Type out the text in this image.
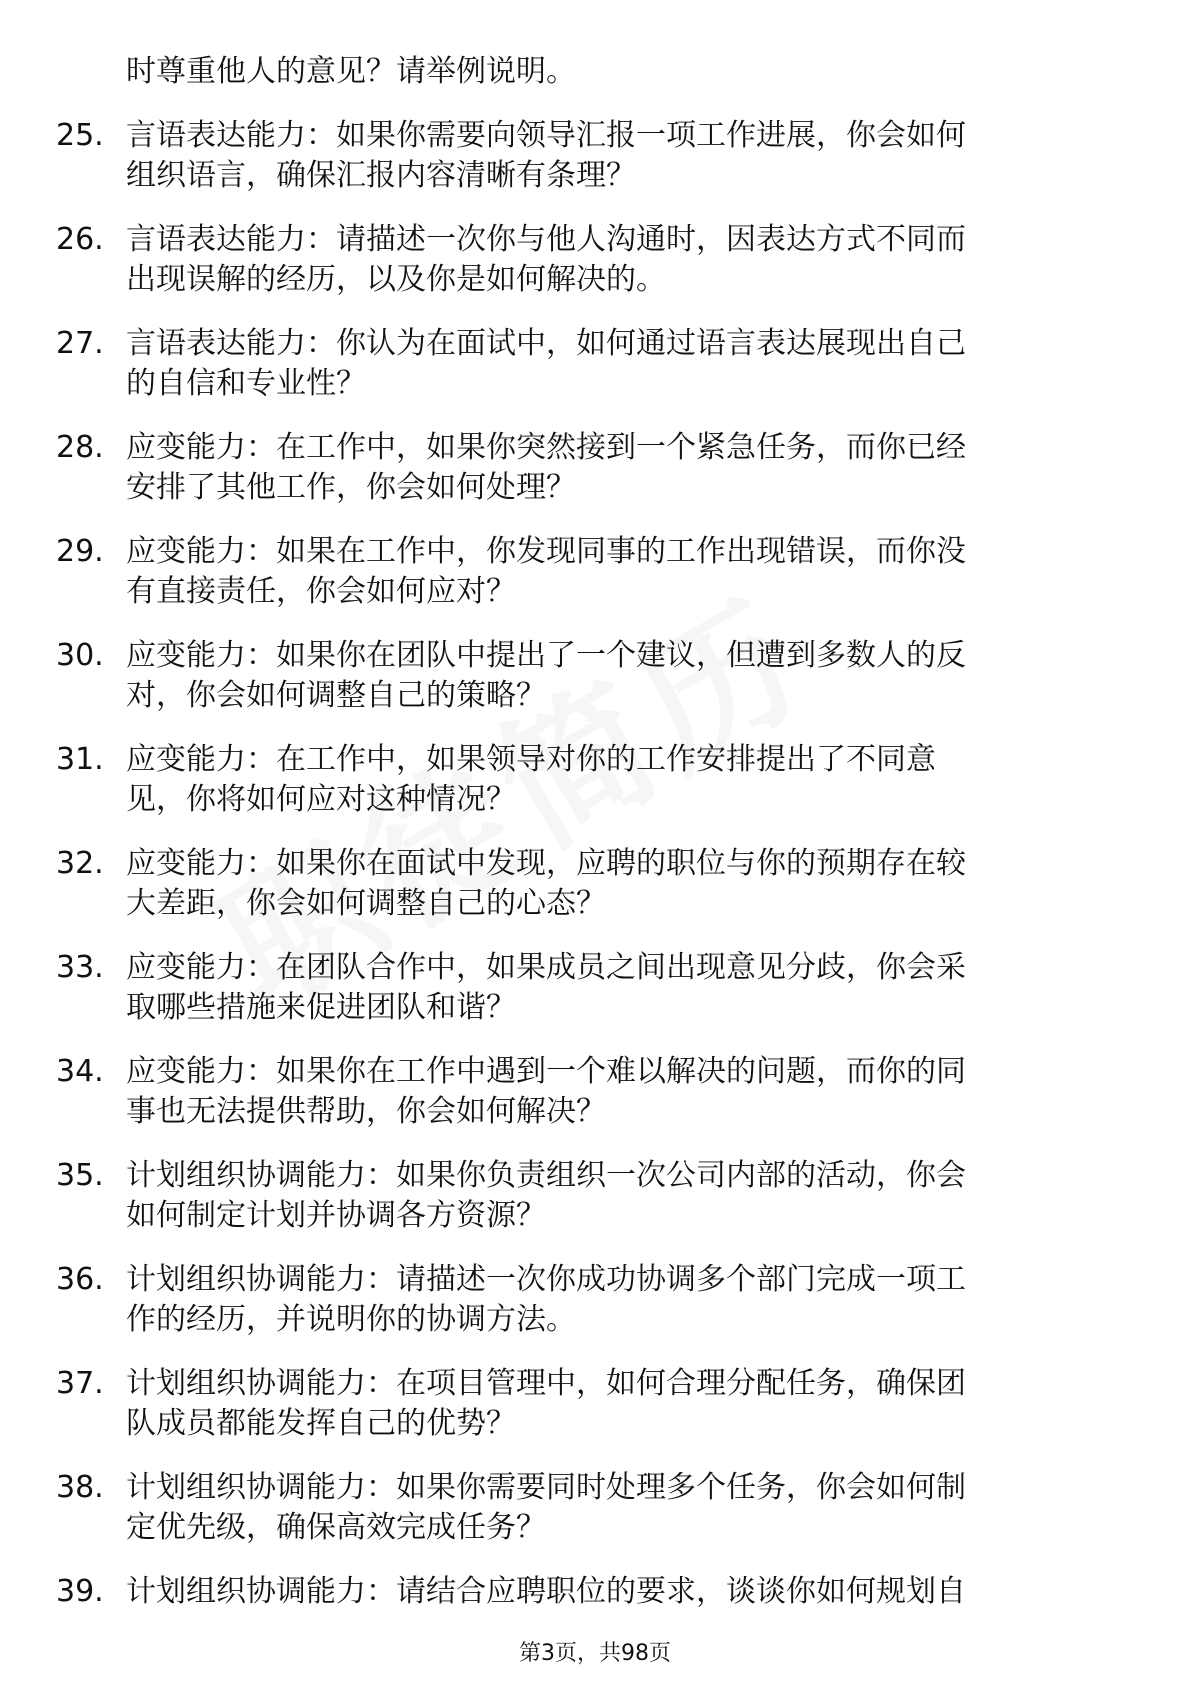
时尊重他人的意见？请举例说明。
25. 言语表达能力：如果你需要向领导汇报一项工作进展，你会如何
组织语言，确保汇报内容清晰有条理？
26. 言语表达能力：请描述一次你与他人沟通时，因表达方式不同而
出现误解的经历，以及你是如何解决的。
27. 言语表达能力：你认为在面试中，如何通过语言表达展现出自己
的自信和专业性？
28. 应变能力：在工作中，如果你突然接到一个紧急任务，而你已经
安排了其他工作，你会如何处理？
29. 应变能力：如果在工作中，你发现同事的工作出现错误，而你没
有直接责任，你会如何应对？
30. 应变能力：如果你在团队中提出了一个建议，但遭到多数人的反
对，你会如何调整自己的策略？
31. 应变能力：在工作中，如果领导对你的工作安排提出了不同意
见，你将如何应对这种情况？
32. 应变能力：如果你在面试中发现，应聘的职位与你的预期存在较
大差距，你会如何调整自己的心态？
33. 应变能力：在团队合作中，如果成员之间出现意见分歧，你会采
取哪些措施来促进团队和谐？
34. 应变能力：如果你在工作中遇到一个难以解决的问题，而你的同
事也无法提供帮助，你会如何解决？
35. 计划组织协调能力：如果你负责组织一次公司内部的活动，你会
如何制定计划并协调各方资源？
36. 计划组织协调能力：请描述一次你成功协调多个部门完成一项工
作的经历，并说明你的协调方法。
37. 计划组织协调能力：在项目管理中，如何合理分配任务，确保团
队成员都能发挥自己的优势？
38. 计划组织协调能力：如果你需要同时处理多个任务，你会如何制
定优先级，确保高效完成任务？
39. 计划组织协调能力：请结合应聘职位的要求，谈谈你如何规划自
第3页，共98页
